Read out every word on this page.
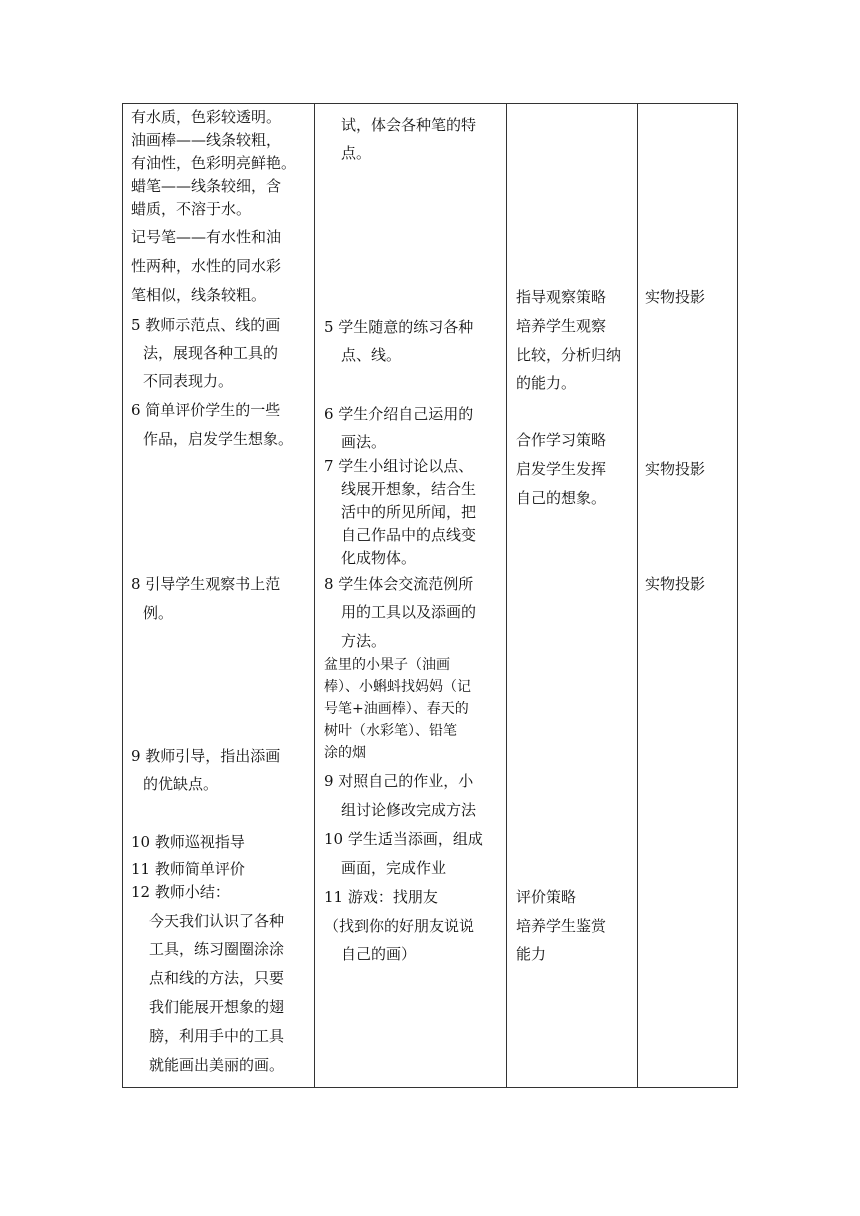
有水质，色彩较透明。
油画棒——线条较粗，
有油性，色彩明亮鲜艳。
蜡笔——线条较细，含
蜡质，不溶于水。
记号笔——有水性和油
性两种，水性的同水彩
笔相似，线条较粗。
5 教师示范点、线的画
法，展现各种工具的
不同表现力。
6 简单评价学生的一些
作品，启发学生想象。
8 引导学生观察书上范
例。
9 教师引导，指出添画
的优缺点。
10 教师巡视指导
11 教师简单评价
12 教师小结：
今天我们认识了各种
工具，练习圈圈涂涂
点和线的方法，只要
我们能展开想象的翅
膀，利用手中的工具
就能画出美丽的画。
试，体会各种笔的特
点。
5 学生随意的练习各种
点、线。
6 学生介绍自己运用的
画法。
7 学生小组讨论以点、
线展开想象，结合生
活中的所见所闻，把
自己作品中的点线变
化成物体。
8 学生体会交流范例所
用的工具以及添画的
方法。
盆里的小果子（油画
棒）、小蝌蚪找妈妈（记
号笔+油画棒）、春天的
树叶（水彩笔）、铅笔
涂的烟
9 对照自己的作业，小
组讨论修改完成方法
10 学生适当添画，组成
画面，完成作业
11 游戏：找朋友
（找到你的好朋友说说
自己的画）
指导观察策略
培养学生观察
比较，分析归纳
的能力。
合作学习策略
启发学生发挥
自己的想象。
评价策略
培养学生鉴赏
能力
实物投影
实物投影
实物投影
